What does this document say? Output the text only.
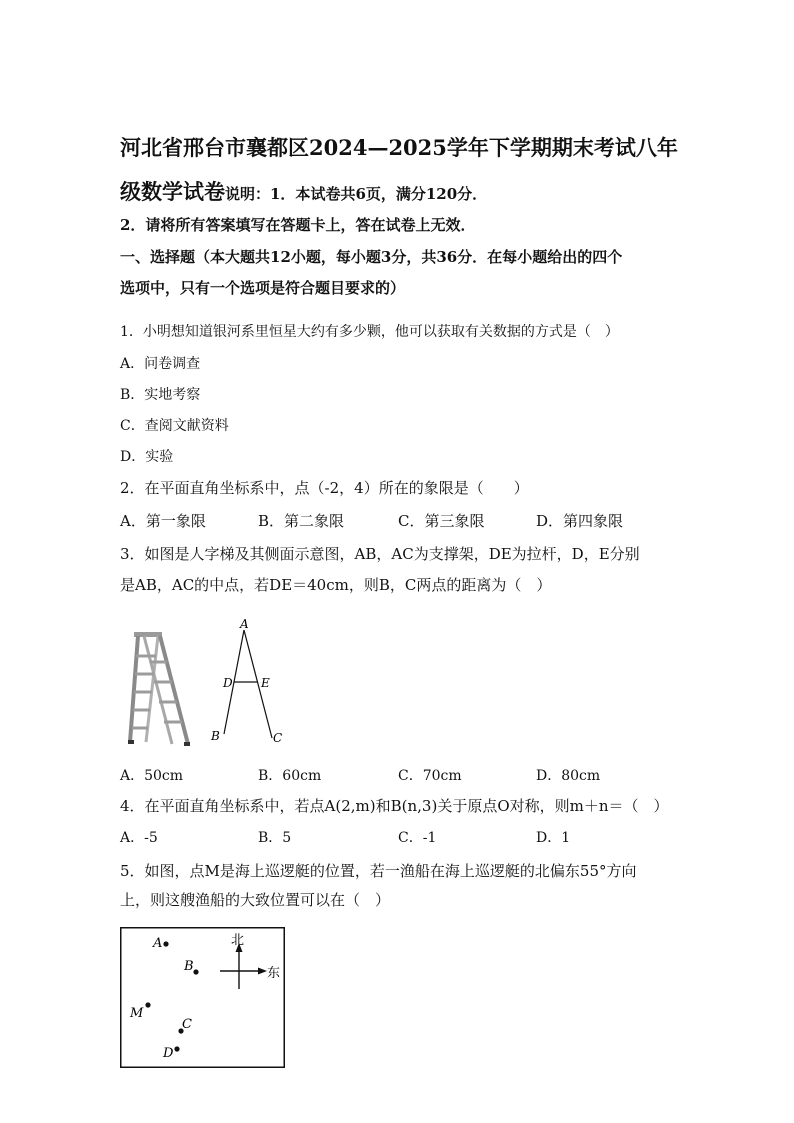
河北省邢台市襄都区2024—2025学年下学期期末考试八年
级数学试卷说明：1．本试卷共6页，满分120分．
2．请将所有答案填写在答题卡上，答在试卷上无效．
一、选择题（本大题共12小题，每小题3分，共36分．在每小题给出的四个
选项中，只有一个选项是符合题目要求的）
1．小明想知道银河系里恒星大约有多少颗，他可以获取有关数据的方式是（　）
A．问卷调查
B．实地考察
C．查阅文献资料
D．实验
2．在平面直角坐标系中，点（-2，4）所在的象限是（　　）
A．第一象限	B．第二象限	C．第三象限	D．第四象限
3．如图是人字梯及其侧面示意图，AB，AC为支撑架，DE为拉杆，D，E分别
是AB，AC的中点，若DE＝40cm，则B，C两点的距离为（　）
A
D E
B	C
A．50cm	B．60cm	C．70cm	D．80cm
4．在平面直角坐标系中，若点A(2,m)和B(n,3)关于原点O对称，则m＋n＝（　）
A．-5	B．5	C．-1	D．1
5．如图，点M是海上巡逻艇的位置，若一渔船在海上巡逻艇的北偏东55°方向
上，则这艘渔船的大致位置可以在（　）
北
东
A
B
M
C
D
